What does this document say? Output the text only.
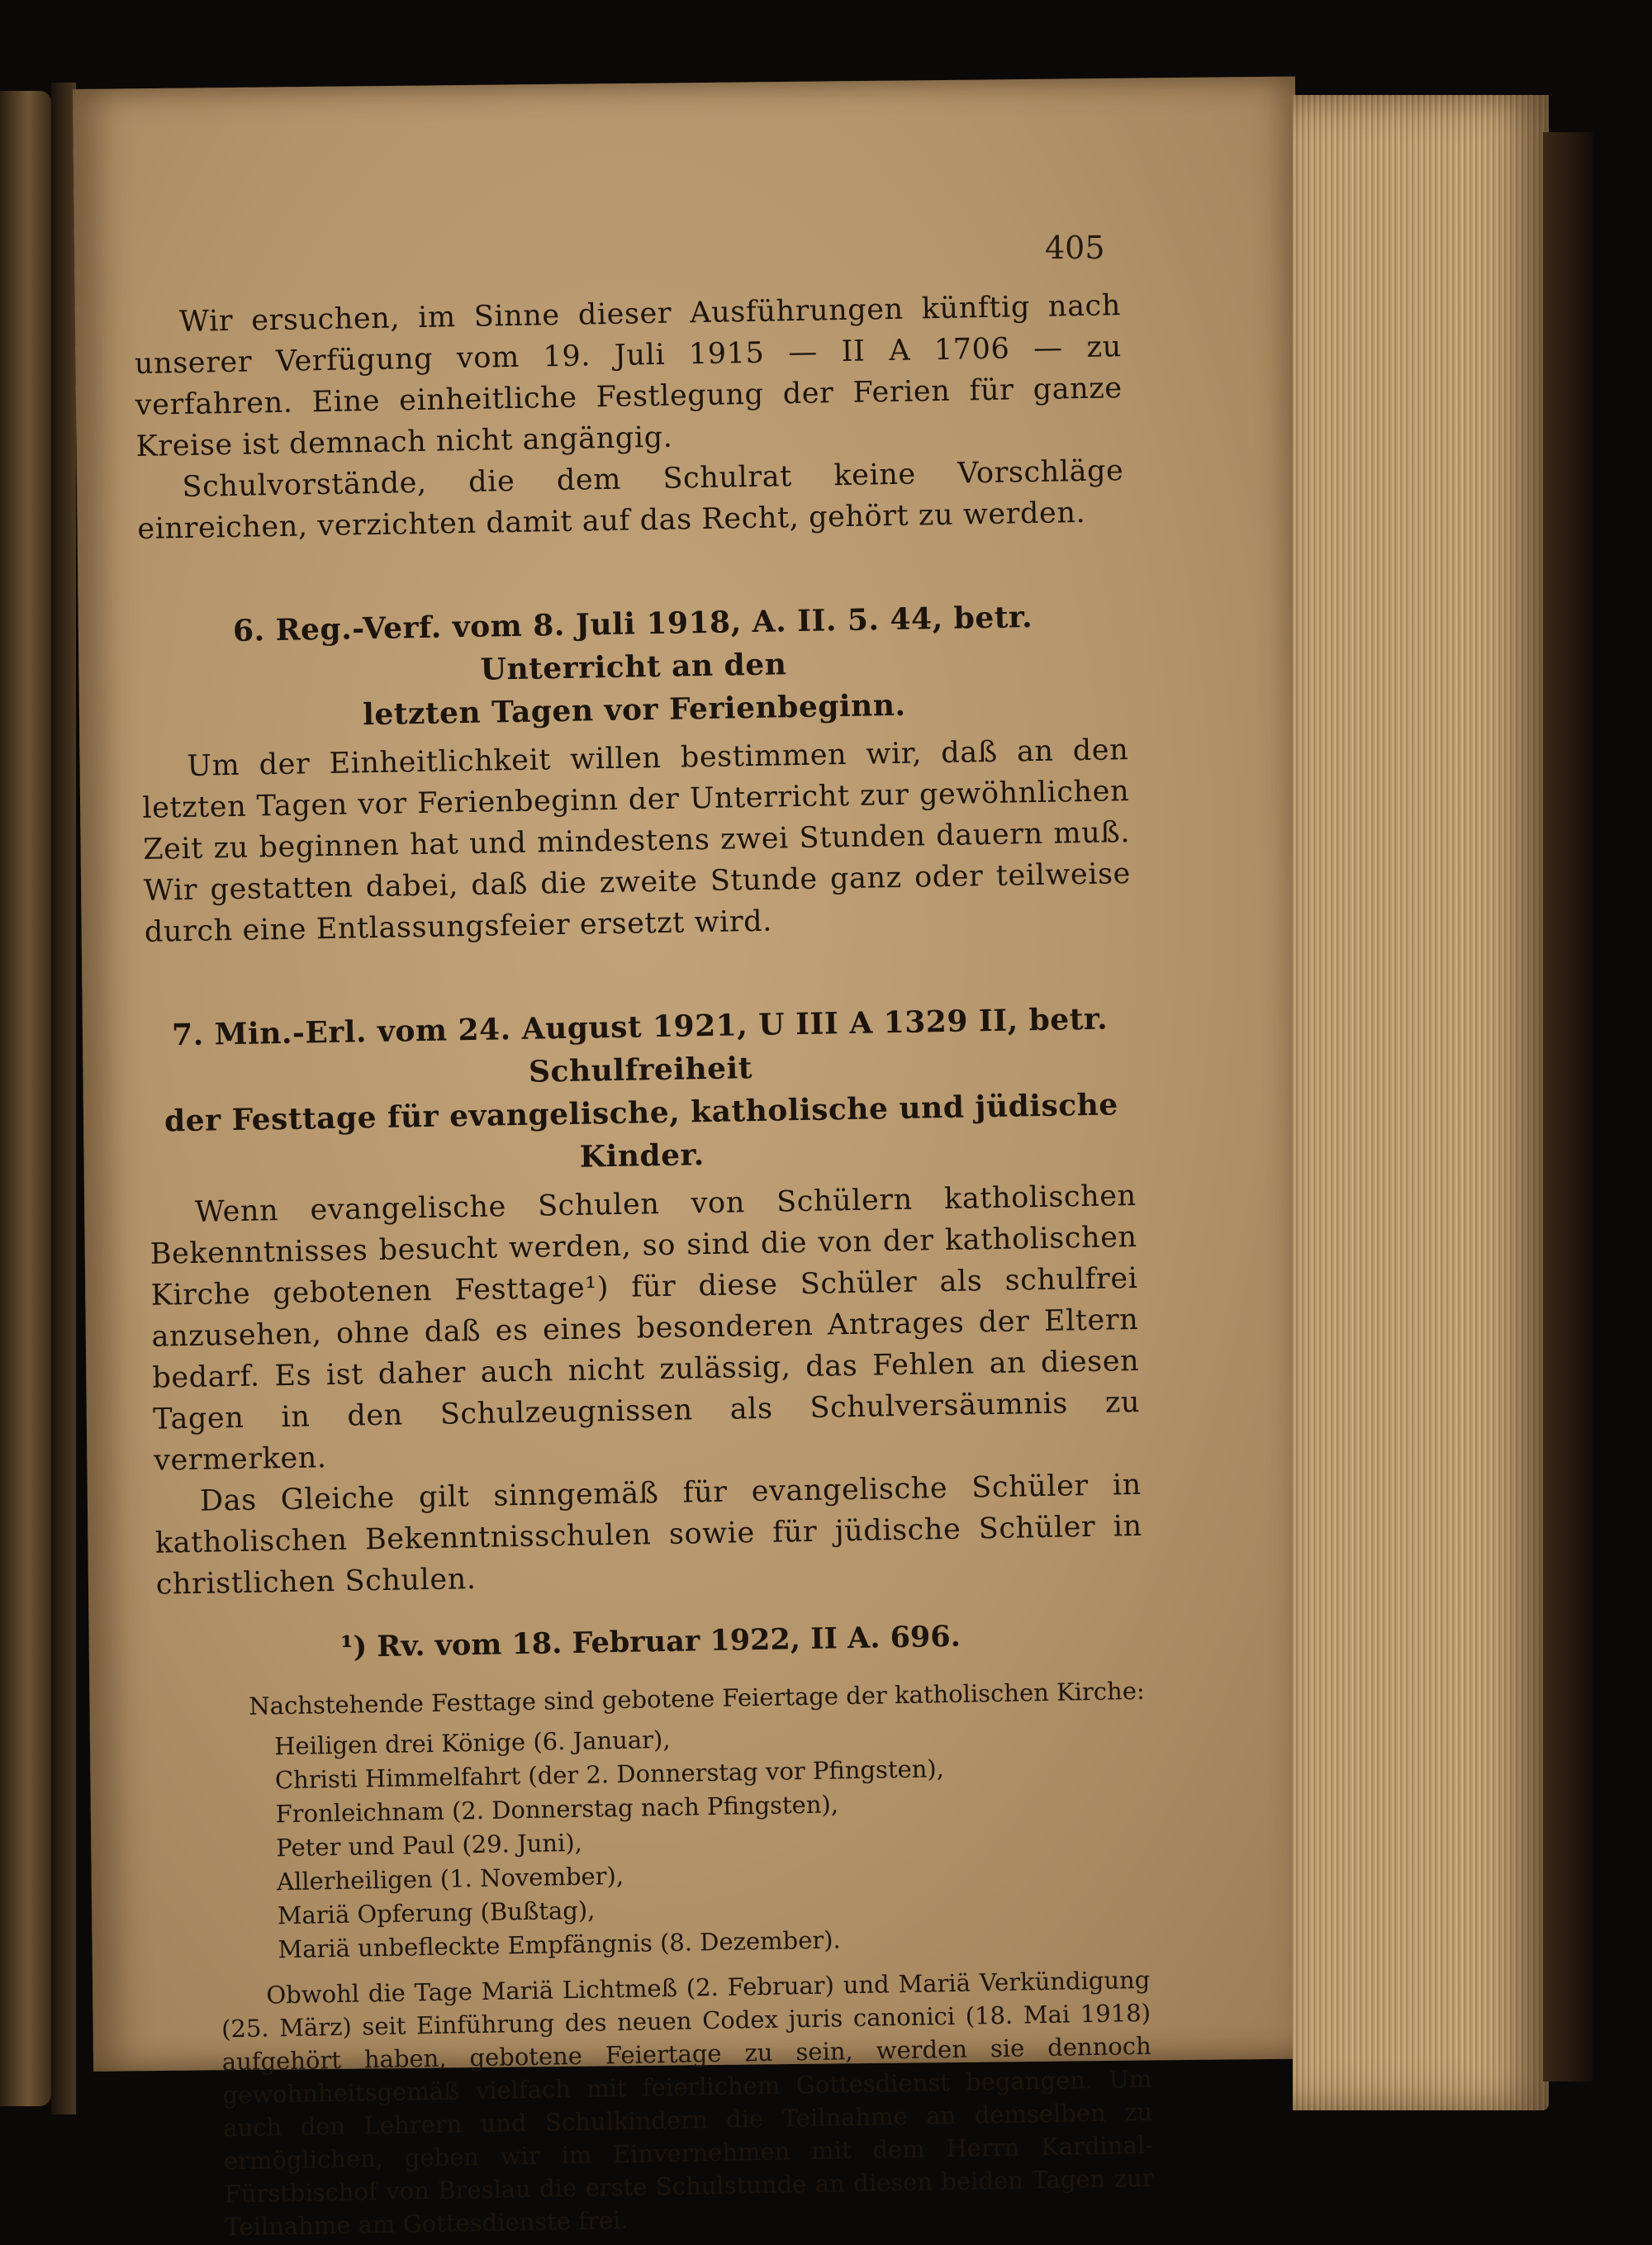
405

Wir ersuchen, im Sinne dieser Ausführungen künftig nach unserer Verfügung vom 19. Juli 1915 — II A 1706 — zu verfahren. Eine einheitliche Festlegung der Ferien für ganze Kreise ist demnach nicht angängig.

Schulvorstände, die dem Schulrat keine Vorschläge einreichen, verzichten damit auf das Recht, gehört zu werden.

6. Reg.-Verf. vom 8. Juli 1918, A. II. 5. 44, betr. Unterricht an den

letzten Tagen vor Ferienbeginn.

Um der Einheitlichkeit willen bestimmen wir, daß an den letzten Tagen vor Ferienbeginn der Unterricht zur gewöhnlichen Zeit zu beginnen hat und mindestens zwei Stunden dauern muß. Wir gestatten dabei, daß die zweite Stunde ganz oder teilweise durch eine Entlassungsfeier ersetzt wird.

7. Min.-Erl. vom 24. August 1921, U III A 1329 II, betr. Schulfreiheit

der Festtage für evangelische, katholische und jüdische Kinder.

Wenn evangelische Schulen von Schülern katholischen Bekenntnisses besucht werden, so sind die von der katholischen Kirche gebotenen Festtage¹) für diese Schüler als schulfrei anzusehen, ohne daß es eines besonderen Antrages der Eltern bedarf. Es ist daher auch nicht zulässig, das Fehlen an diesen Tagen in den Schulzeugnissen als Schulversäumnis zu vermerken.

Das Gleiche gilt sinngemäß für evangelische Schüler in katholischen Bekenntnisschulen sowie für jüdische Schüler in christlichen Schulen.

¹) Rv. vom 18. Februar 1922, II A. 696.

Nachstehende Festtage sind gebotene Feiertage der katholischen Kirche:

Heiligen drei Könige (6. Januar),
Christi Himmelfahrt (der 2. Donnerstag vor Pfingsten),
Fronleichnam (2. Donnerstag nach Pfingsten),
Peter und Paul (29. Juni),
Allerheiligen (1. November),
Mariä Opferung (Bußtag),
Mariä unbefleckte Empfängnis (8. Dezember).

Obwohl die Tage Mariä Lichtmeß (2. Februar) und Mariä Verkündigung (25. März) seit Einführung des neuen Codex juris canonici (18. Mai 1918) aufgehört haben, gebotene Feiertage zu sein, werden sie dennoch gewohnheitsgemäß vielfach mit feierlichem Gottesdienst begangen. Um auch den Lehrern und Schulkindern die Teilnahme an demselben zu ermöglichen, geben wir im Einvernehmen mit dem Herrn Kardinal-Fürstbischof von Breslau die erste Schulstunde an diesen beiden Tagen zur Teilnahme am Gottesdienste frei.
